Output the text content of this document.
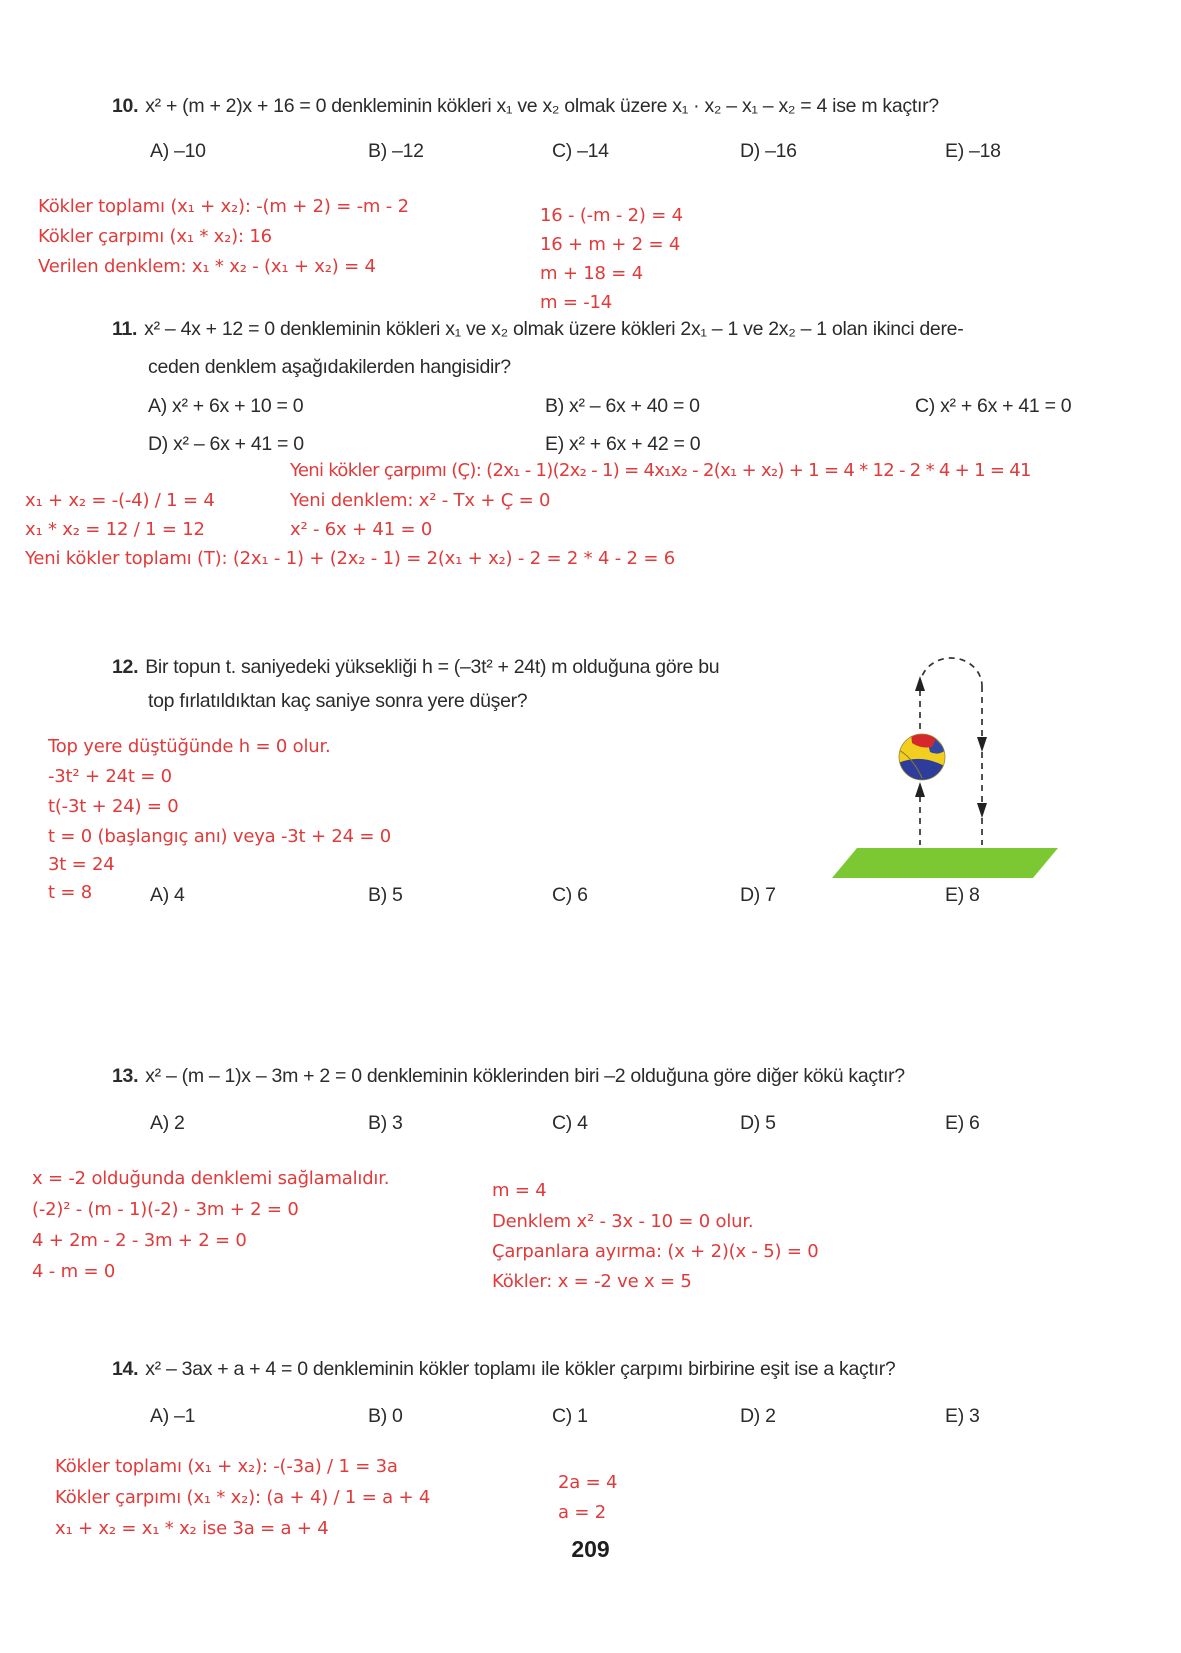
10. x² + (m + 2)x + 16 = 0 denkleminin kökleri x₁ ve x₂ olmak üzere x₁ · x₂ – x₁ – x₂ = 4 ise m kaçtır?
A) –10	B) –12	C) –14	D) –16	E) –18
Kökler toplamı (x₁ + x₂): -(m + 2) = -m - 2
Kökler çarpımı (x₁ * x₂): 16
Verilen denklem: x₁ * x₂ - (x₁ + x₂) = 4
16 - (-m - 2) = 4
16 + m + 2 = 4
m + 18 = 4
m = -14
11. x² – 4x + 12 = 0 denkleminin kökleri x₁ ve x₂ olmak üzere kökleri 2x₁ – 1 ve 2x₂ – 1 olan ikinci dere-
ceden denklem aşağıdakilerden hangisidir?
A) x² + 6x + 10 = 0	B) x² – 6x + 40 = 0	C) x² + 6x + 41 = 0
D) x² – 6x + 41 = 0	E) x² + 6x + 42 = 0
Yeni kökler çarpımı (Ç): (2x₁ - 1)(2x₂ - 1) = 4x₁x₂ - 2(x₁ + x₂) + 1 = 4 * 12 - 2 * 4 + 1 = 41
x₁ + x₂ = -(-4) / 1 = 4	Yeni denklem: x² - Tx + Ç = 0
x₁ * x₂ = 12 / 1 = 12	x² - 6x + 41 = 0
Yeni kökler toplamı (T): (2x₁ - 1) + (2x₂ - 1) = 2(x₁ + x₂) - 2 = 2 * 4 - 2 = 6
12. Bir topun t. saniyedeki yüksekliği h = (–3t² + 24t) m olduğuna göre bu
top fırlatıldıktan kaç saniye sonra yere düşer?
Top yere düştüğünde h = 0 olur.
-3t² + 24t = 0
t(-3t + 24) = 0
t = 0 (başlangıç anı) veya -3t + 24 = 0
3t = 24
t = 8	A) 4	B) 5	C) 6	D) 7	E) 8
13. x² – (m – 1)x – 3m + 2 = 0 denkleminin köklerinden biri –2 olduğuna göre diğer kökü kaçtır?
A) 2	B) 3	C) 4	D) 5	E) 6
x = -2 olduğunda denklemi sağlamalıdır.
(-2)² - (m - 1)(-2) - 3m + 2 = 0
4 + 2m - 2 - 3m + 2 = 0
4 - m = 0
m = 4
Denklem x² - 3x - 10 = 0 olur.
Çarpanlara ayırma: (x + 2)(x - 5) = 0
Kökler: x = -2 ve x = 5
14. x² – 3ax + a + 4 = 0 denkleminin kökler toplamı ile kökler çarpımı birbirine eşit ise a kaçtır?
A) –1	B) 0	C) 1	D) 2	E) 3
Kökler toplamı (x₁ + x₂): -(-3a) / 1 = 3a
Kökler çarpımı (x₁ * x₂): (a + 4) / 1 = a + 4
x₁ + x₂ = x₁ * x₂ ise 3a = a + 4
2a = 4
a = 2
209
